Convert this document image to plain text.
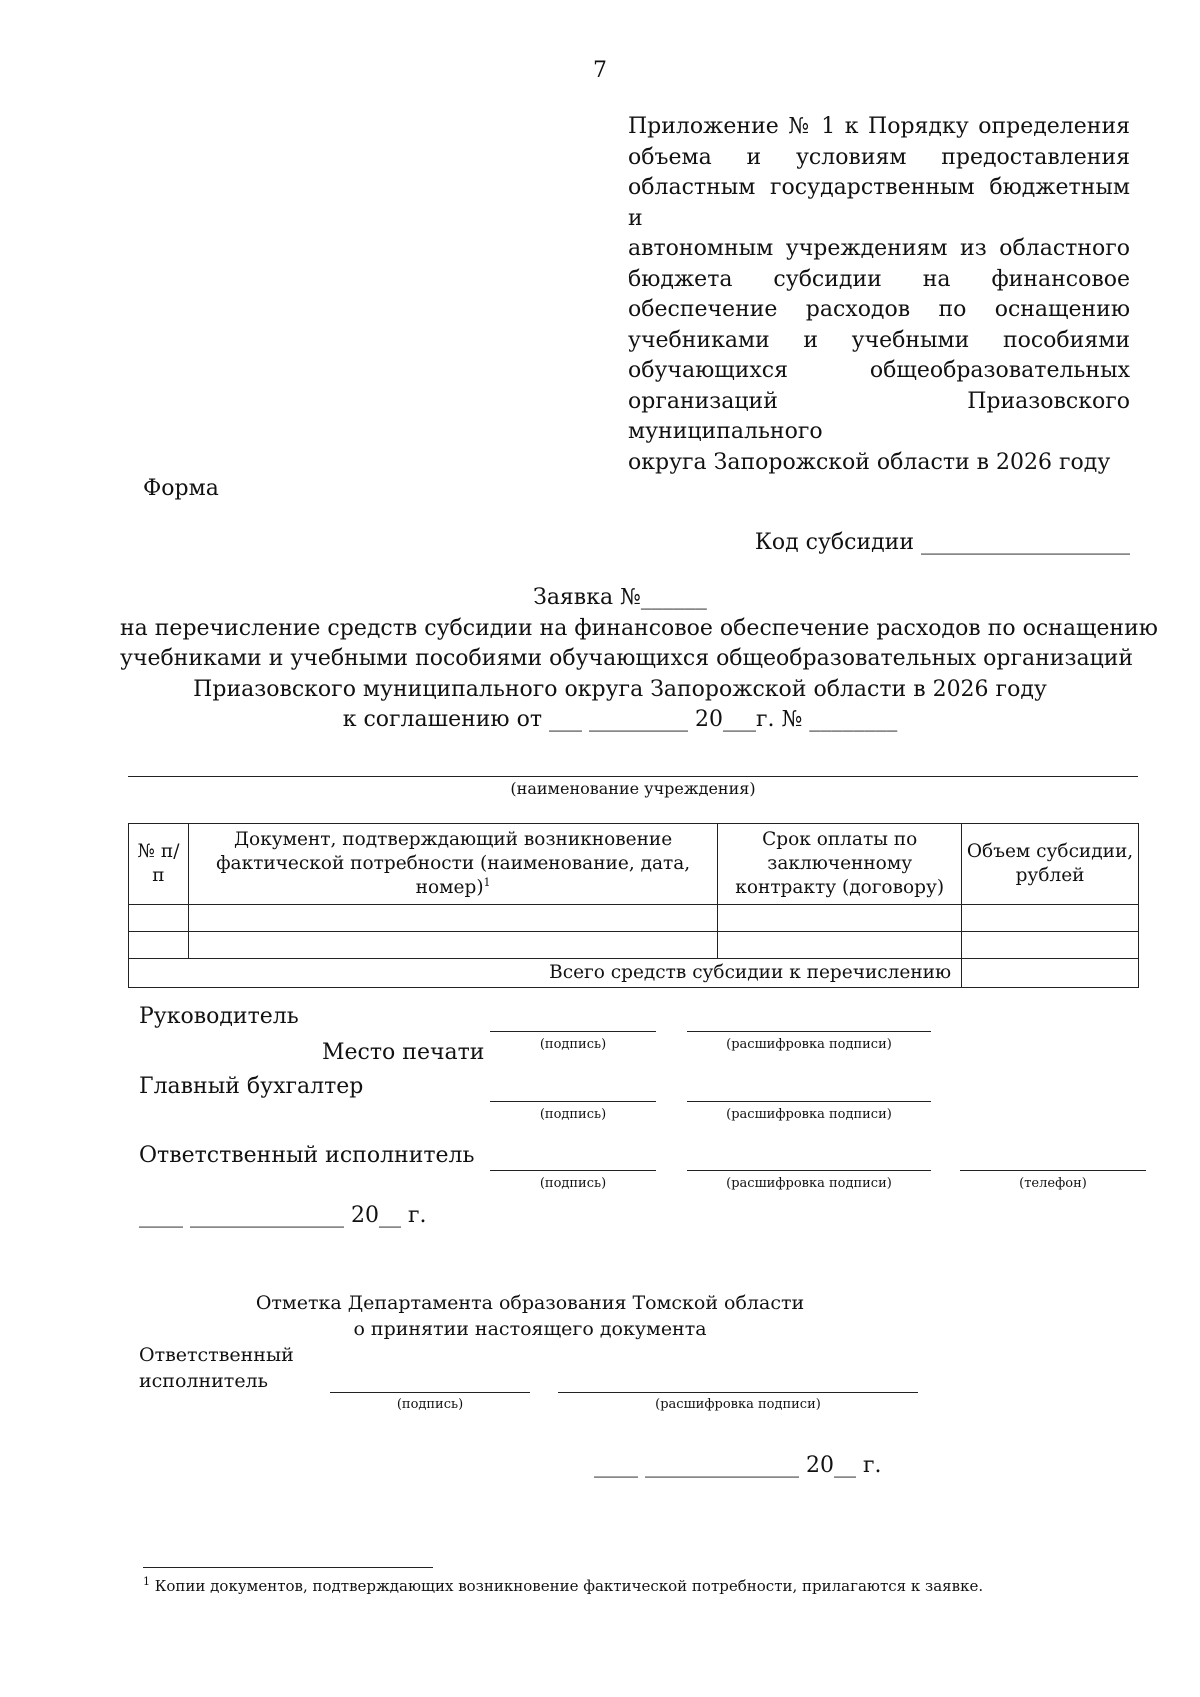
7
Приложение № 1 к Порядку определения
объема и условиям предоставления
областным государственным бюджетным и
автономным учреждениям из областного
бюджета субсидии на финансовое
обеспечение расходов по оснащению
учебниками и учебными пособиями
обучающихся общеобразовательных
организаций Приазовского муниципального
округа Запорожской области в 2026 году
Форма
Код субсидии ___________________
Заявка №______
на перечисление средств субсидии на финансовое обеспечение расходов по оснащению
учебниками и учебными пособиями обучающихся общеобразовательных организаций
Приазовского муниципального округа Запорожской области в 2026 году
к соглашению от ___ _________ 20___г. № ________
(наименование учреждения)
№ п/п	Документ, подтверждающий возникновение фактической потребности (наименование, дата, номер)$^1$	Срок оплаты по заключенному контракту (договору)	Объем субсидии, рублей

Всего средств субсидии к перечислению			
Руководитель
Место печати	(подпись)	(расшифровка подписи)
Главный бухгалтер
(подпись)	(расшифровка подписи)
Ответственный исполнитель
(подпись)	(расшифровка подписи)	(телефон)
____ ______________ 20__ г.
Отметка Департамента образования Томской области
о принятии настоящего документа
Ответственный
исполнитель
(подпись)	(расшифровка подписи)
____ ______________ 20__ г.
$^1$ Копии документов, подтверждающих возникновение фактической потребности, прилагаются к заявке.
